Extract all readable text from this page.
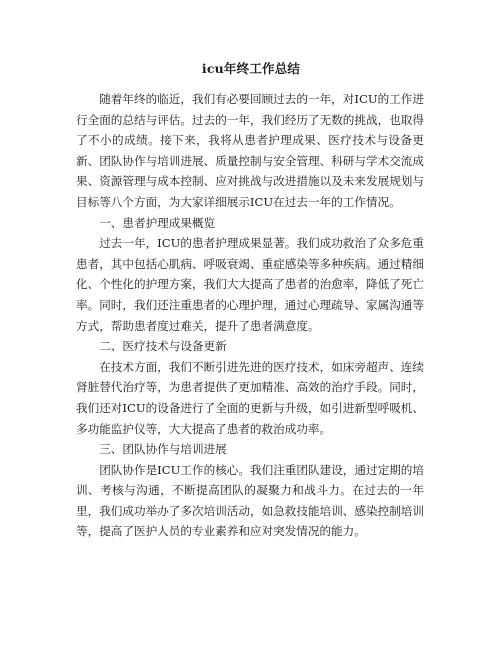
icu年终工作总结

随着年终的临近，我们有必要回顾过去的一年，对ICU的工作进行全面的总结与评估。过去的一年，我们经历了无数的挑战，也取得了不小的成绩。接下来，我将从患者护理成果、医疗技术与设备更新、团队协作与培训进展、质量控制与安全管理、科研与学术交流成果、资源管理与成本控制、应对挑战与改进措施以及未来发展规划与目标等八个方面，为大家详细展示ICU在过去一年的工作情况。

一、患者护理成果概览

过去一年，ICU的患者护理成果显著。我们成功救治了众多危重患者，其中包括心肌病、呼吸衰竭、重症感染等多种疾病。通过精细化、个性化的护理方案，我们大大提高了患者的治愈率，降低了死亡率。同时，我们还注重患者的心理护理，通过心理疏导、家属沟通等方式，帮助患者度过难关，提升了患者满意度。

二、医疗技术与设备更新

在技术方面，我们不断引进先进的医疗技术，如床旁超声、连续肾脏替代治疗等，为患者提供了更加精准、高效的治疗手段。同时，我们还对ICU的设备进行了全面的更新与升级，如引进新型呼吸机、多功能监护仪等，大大提高了患者的救治成功率。

三、团队协作与培训进展

团队协作是ICU工作的核心。我们注重团队建设，通过定期的培训、考核与沟通，不断提高团队的凝聚力和战斗力。在过去的一年里，我们成功举办了多次培训活动，如急救技能培训、感染控制培训等，提高了医护人员的专业素养和应对突发情况的能力。
